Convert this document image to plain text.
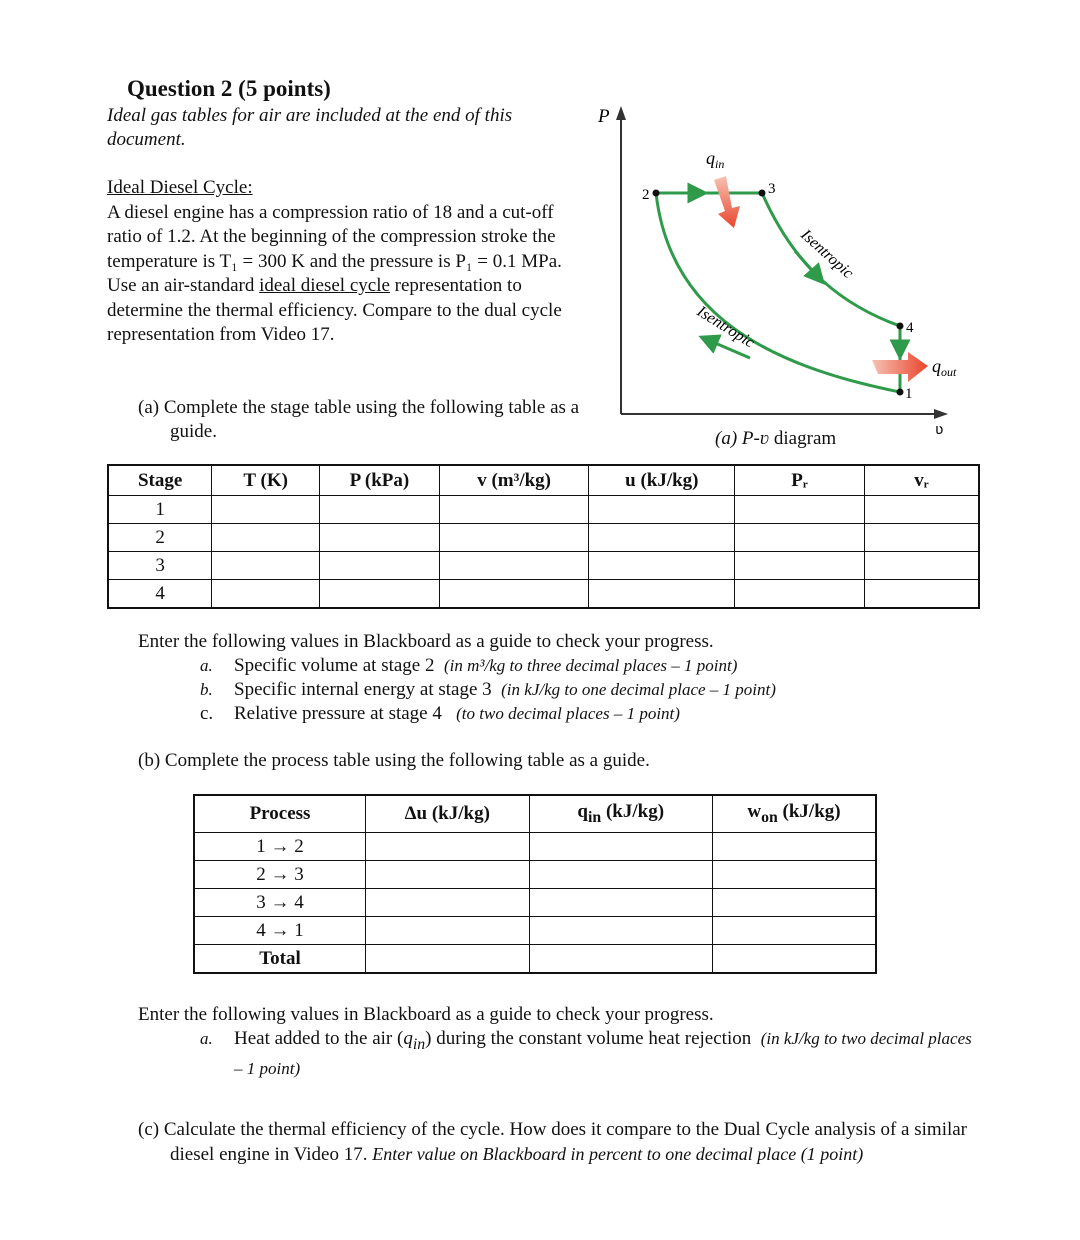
Question 2 (5 points)
Ideal gas tables for air are included at the end of this document.
Ideal Diesel Cycle:
A diesel engine has a compression ratio of 18 and a cut-off ratio of 1.2. At the beginning of the compression stroke the temperature is T₁ = 300 K and the pressure is P₁ = 0.1 MPa. Use an air-standard ideal diesel cycle representation to determine the thermal efficiency. Compare to the dual cycle representation from Video 17.
(a) Complete the stage table using the following table as a guide.
P
ʋ
1
2	3
4
$q_{in}$
$q_{out}$
Isentropic
Isentropic
(a) P-ʋ diagram
Stage	T (K)	P (kPa)	v (m³/kg)	u (kJ/kg)	Pᵣ	vᵣ
1						
2						
3						
4						
Enter the following values in Blackboard as a guide to check your progress.
a. Specific volume at stage 2 (in m³/kg to three decimal places – 1 point)
b. Specific internal energy at stage 3 (in kJ/kg to one decimal place – 1 point)
c. Relative pressure at stage 4 (to two decimal places – 1 point)
(b) Complete the process table using the following table as a guide.
Process	Δu (kJ/kg)	$q_{in}$ (kJ/kg)	$w_{on}$ (kJ/kg)
1 → 2			
2 → 3			
3 → 4			
4 → 1			
Total			
Enter the following values in Blackboard as a guide to check your progress.
a. Heat added to the air $(q_{in})$ during the constant volume heat rejection (in kJ/kg to two decimal places – 1 point)
(c) Calculate the thermal efficiency of the cycle. How does it compare to the Dual Cycle analysis of a similar diesel engine in Video 17. Enter value on Blackboard in percent to one decimal place (1 point)
